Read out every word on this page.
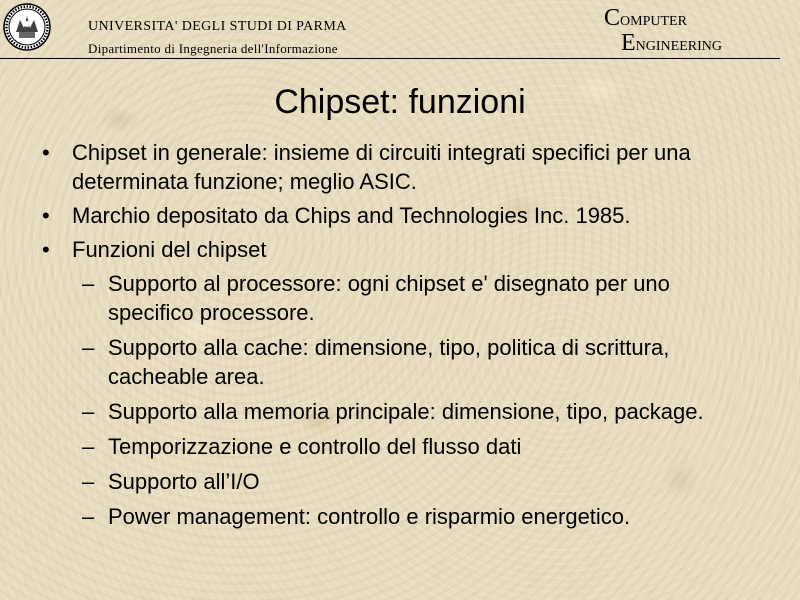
UNIVERSITA' DEGLI STUDI DI PARMA
Dipartimento di Ingegneria dell'Informazione
COMPUTER
ENGINEERING
Chipset: funzioni
• Chipset in generale: insieme di circuiti integrati specifici per una determinata funzione; meglio ASIC.
• Marchio depositato da Chips and Technologies Inc. 1985.
• Funzioni del chipset
– Supporto al processore: ogni chipset e' disegnato per uno specifico processore.
– Supporto alla cache: dimensione, tipo, politica di scrittura, cacheable area.
– Supporto alla memoria principale: dimensione, tipo, package.
– Temporizzazione e controllo del flusso dati
– Supporto all’I/O
– Power management: controllo e risparmio energetico.
